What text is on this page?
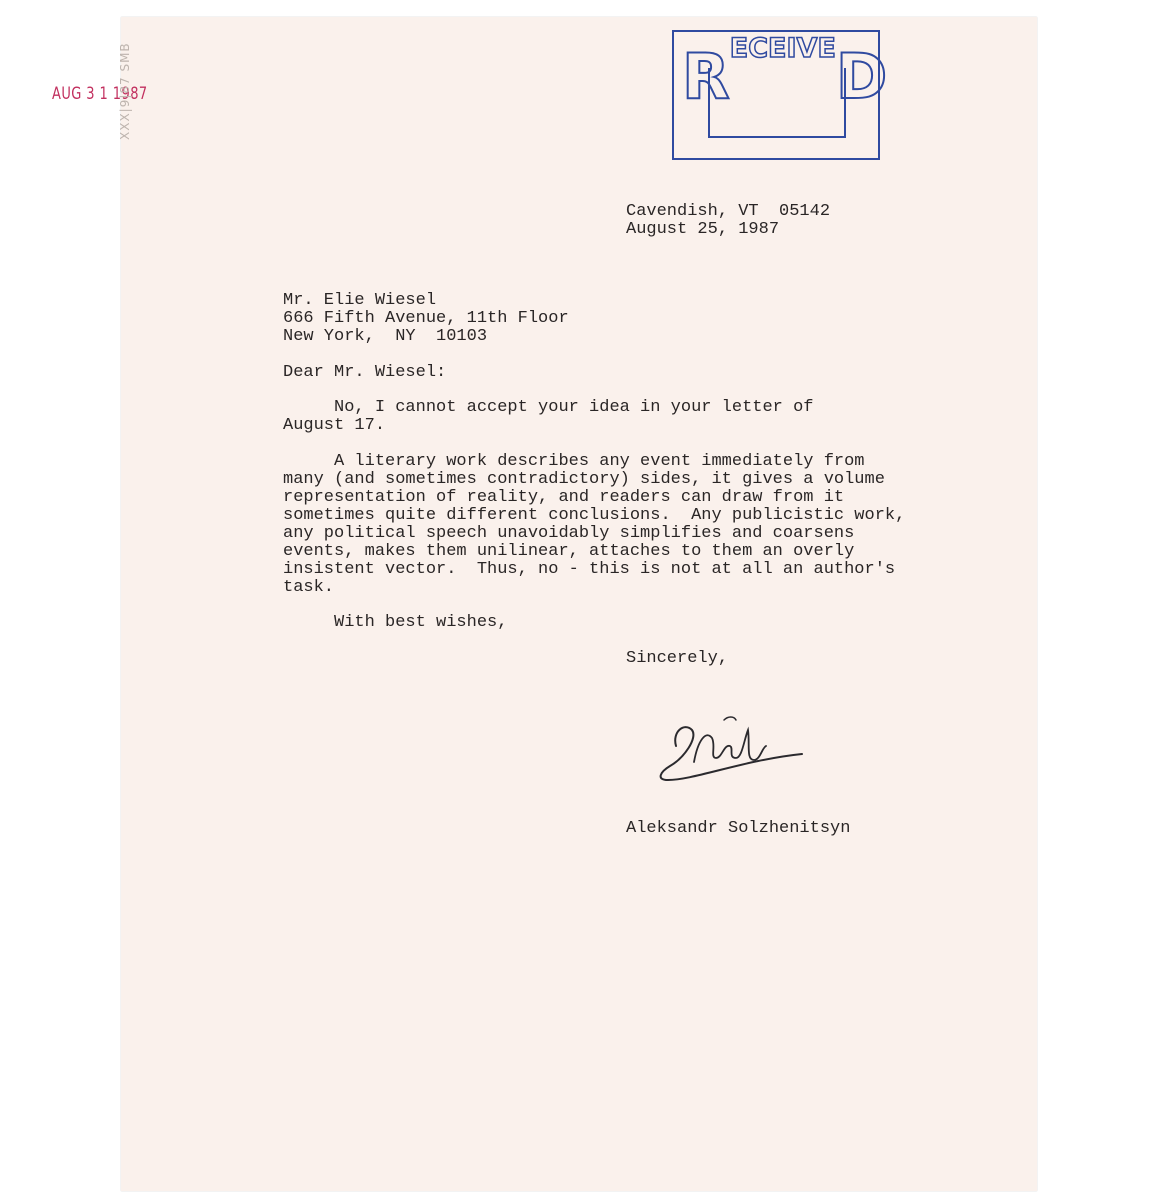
R E C E I V E D
AUG 3 1 1987
XXX|9|87 SMB
Cavendish, VT  05142
August 25, 1987
Mr. Elie Wiesel
666 Fifth Avenue, 11th Floor
New York,  NY  10103
Dear Mr. Wiesel:
No, I cannot accept your idea in your letter of
August 17.
A literary work describes any event immediately from
many (and sometimes contradictory) sides, it gives a volume
representation of reality, and readers can draw from it
sometimes quite different conclusions.  Any publicistic work,
any political speech unavoidably simplifies and coarsens
events, makes them unilinear, attaches to them an overly
insistent vector.  Thus, no - this is not at all an author's
task.
With best wishes,
Sincerely,
Aleksandr Solzhenitsyn
